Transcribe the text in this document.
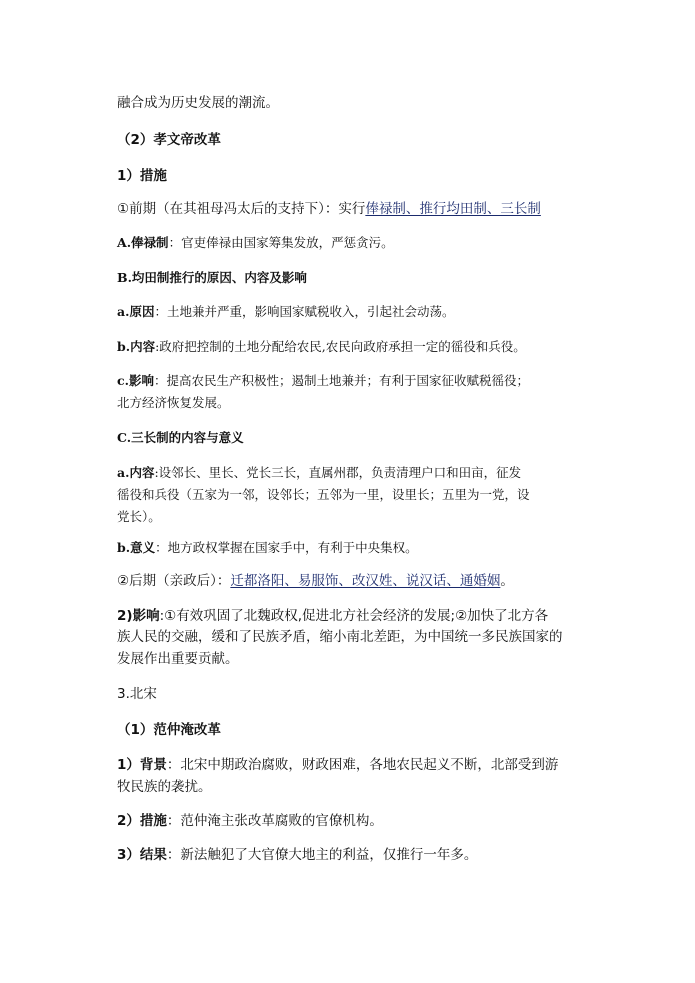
融合成为历史发展的潮流。
（2）孝文帝改革
1）措施
①前期（在其祖母冯太后的支持下）：实行俸禄制、推行均田制、三长制
A.俸禄制：官吏俸禄由国家筹集发放，严惩贪污。
B.均田制推行的原因、内容及影响
a.原因：土地兼并严重，影响国家赋税收入，引起社会动荡。
b.内容:政府把控制的土地分配给农民,农民向政府承担一定的徭役和兵役。
c.影响：提高农民生产积极性；遏制土地兼并；有利于国家征收赋税徭役；
北方经济恢复发展。
C.三长制的内容与意义
a.内容:设邻长、里长、党长三长，直属州郡，负责清理户口和田亩，征发
徭役和兵役（五家为一邻，设邻长；五邻为一里，设里长；五里为一党，设
党长）。
b.意义：地方政权掌握在国家手中，有利于中央集权。
②后期（亲政后）：迁都洛阳、易服饰、改汉姓、说汉话、通婚姻。
2)影响:①有效巩固了北魏政权,促进北方社会经济的发展;②加快了北方各
族人民的交融，缓和了民族矛盾，缩小南北差距，为中国统一多民族国家的
发展作出重要贡献。
3.北宋
（1）范仲淹改革
1）背景：北宋中期政治腐败，财政困难，各地农民起义不断，北部受到游
牧民族的袭扰。
2）措施：范仲淹主张改革腐败的官僚机构。
3）结果：新法触犯了大官僚大地主的利益，仅推行一年多。
